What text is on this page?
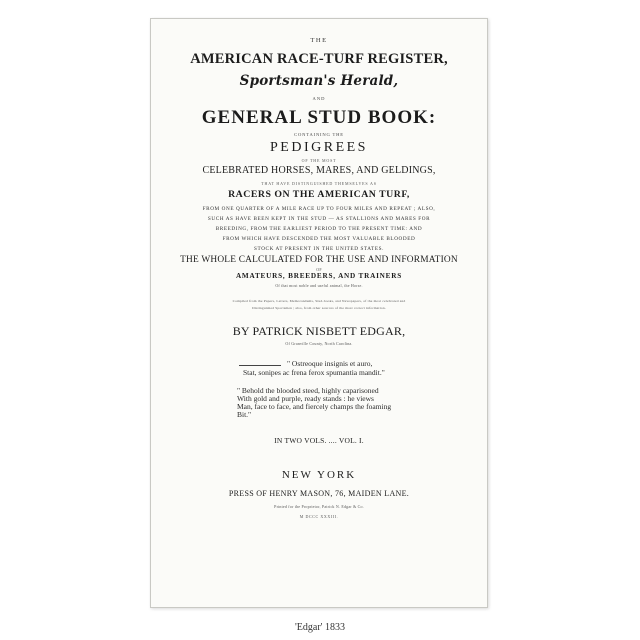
THE
AMERICAN RACE-TURF REGISTER,
Sportsman's Herald,
AND
GENERAL STUD BOOK:
CONTAINING THE
PEDIGREES
OF THE MOST
CELEBRATED HORSES, MARES, AND GELDINGS,
THAT HAVE DISTINGUISHED THEMSELVES AS
RACERS ON THE AMERICAN TURF,
FROM ONE QUARTER OF A MILE RACE UP TO FOUR MILES AND REPEAT ; ALSO,
SUCH AS HAVE BEEN KEPT IN THE STUD — AS STALLIONS AND MARES FOR
BREEDING, FROM THE EARLIEST PERIOD TO THE PRESENT TIME: AND
FROM WHICH HAVE DESCENDED THE MOST VALUABLE BLOODED
STOCK AT PRESENT IN THE UNITED STATES.
THE WHOLE CALCULATED FOR THE USE AND INFORMATION
OF
AMATEURS, BREEDERS, AND TRAINERS
Of that most noble and useful animal, the Horse.
Compiled from the Papers, Letters, Memorandums, Stud-books, and Newspapers, of the most celebrated and
Distinguished Sportsmen ; also, from other sources of the most correct information.
BY PATRICK NISBETT EDGAR,
Of Granville County, North Carolina.
" Ostreoque insignis et auro,
Stat, sonipes ac frena ferox spumantia mandit."
" Behold the blooded steed, highly caparisoned
With gold and purple, ready stands : he views
Man, face to face, and fiercely champs the foaming
Bit."
IN TWO VOLS. .... VOL. I.
NEW YORK
PRESS OF HENRY MASON, 76, MAIDEN LANE.
Printed for the Proprietor, Patrick N. Edgar & Co.
M DCCC XXXIII.
'Edgar' 1833
